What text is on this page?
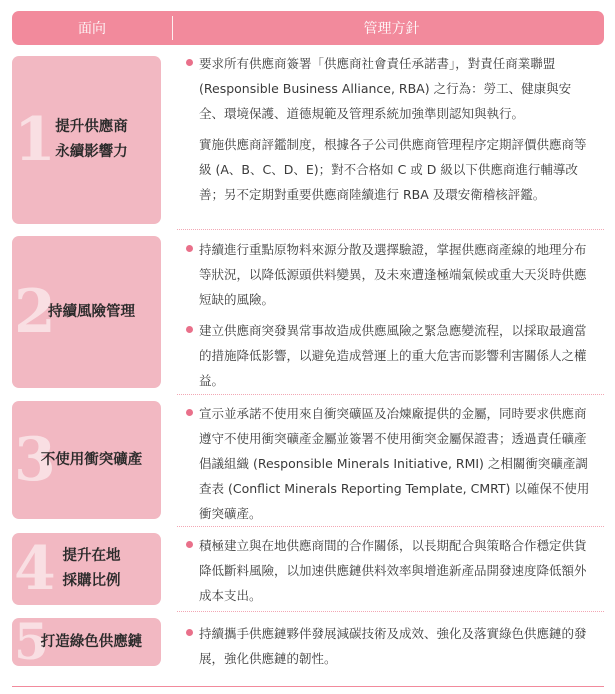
面向	管理方針
1 提升供應商
永續影響力
要求所有供應商簽署「供應商社會責任承諾書」，對責任商業聯盟 (Responsible Business Alliance, RBA) 之行為：勞工、健康與安全、環境保護、道德規範及管理系統加強準則認知與執行。
實施供應商評鑑制度，根據各子公司供應商管理程序定期評價供應商等級 (A、B、C、D、E)；對不合格如 C 或 D 級以下供應商進行輔導改善；另不定期對重要供應商陸續進行 RBA 及環安衛稽核評鑑。
2
持續風險管理
持續進行重點原物料來源分散及選擇驗證，掌握供應商產線的地理分布等狀況，以降低源頭供料變異，及未來遭逢極端氣候或重大天災時供應短缺的風險。
建立供應商突發異常事故造成供應風險之緊急應變流程，以採取最適當的措施降低影響，以避免造成營運上的重大危害而影響利害關係人之權益。
3
不使用衝突礦產
宣示並承諾不使用來自衝突礦區及冶煉廠提供的金屬，同時要求供應商遵守不使用衝突礦產金屬並簽署不使用衝突金屬保證書；透過責任礦產倡議組織 (Responsible Minerals Initiative, RMI) 之相關衝突礦產調查表 (Conflict Minerals Reporting Template, CMRT) 以確保不使用衝突礦產。
4 提升在地
採購比例
積極建立與在地供應商間的合作關係，以長期配合與策略合作穩定供貨降低斷料風險，以加速供應鏈供料效率與增進新產品開發速度降低額外成本支出。
5
打造綠色供應鏈	持續攜手供應鏈夥伴發展減碳技術及成效、強化及落實綠色供應鏈的發展，強化供應鏈的韌性。
